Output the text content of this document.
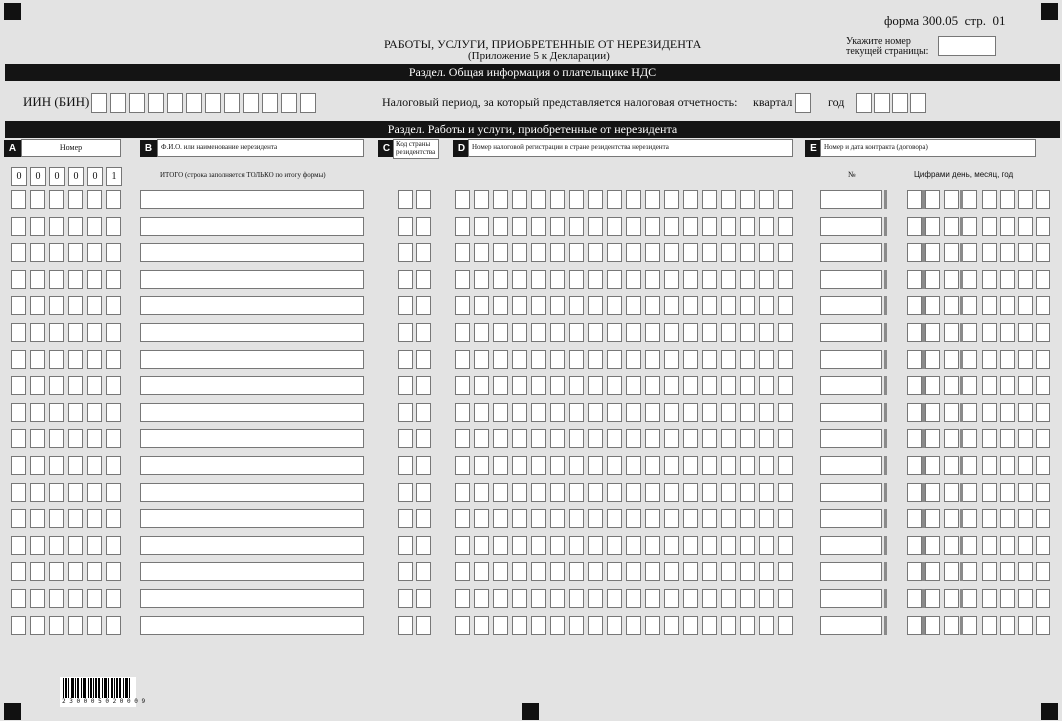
форма 300.05 стр. 01
РАБОТЫ, УСЛУГИ, ПРИОБРЕТЕННЫЕ ОТ НЕРЕЗИДЕНТА
(Приложение 5 к Декларации)
Укажите номер
текущей страницы:
Раздел. Общая информация о плательщике НДС
ИИН (БИН)	Налоговый период, за который представляется налоговая отчетность: квартал	год
Раздел. Работы и услуги, приобретенные от нерезидента
A	Номер	B	Ф.И.О. или наименование нерезидента	C Код страны резидентства	D Номер налоговой регистрации в стране резидентства нерезидента	E	Номер и дата контракта (договора)
0	0	0	0	0	1	ИТОГО (строка заполняется ТОЛЬКО по итогу формы)	№	Цифрами день, месяц, год
2 3 0 0 0 5 0 2 0 0 0 9
